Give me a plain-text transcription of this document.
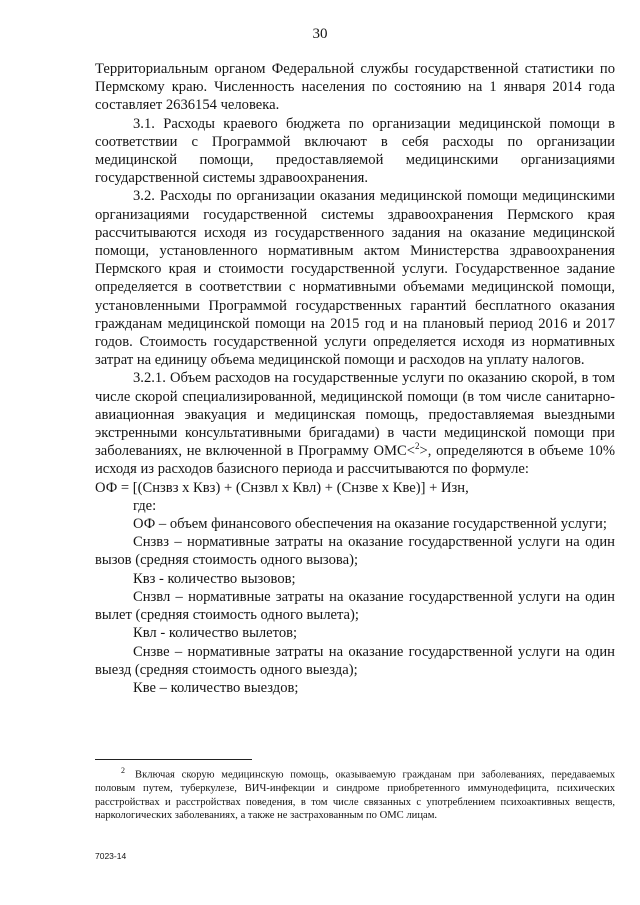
30

Территориальным органом Федеральной службы государственной статистики по Пермскому краю. Численность населения по состоянию на 1 января 2014 года составляет 2636154 человека.

3.1. Расходы краевого бюджета по организации медицинской помощи в соответствии с Программой включают в себя расходы по организации медицинской помощи, предоставляемой медицинскими организациями государственной системы здравоохранения.

3.2. Расходы по организации оказания медицинской помощи медицинскими организациями государственной системы здравоохранения Пермского края рассчитываются исходя из государственного задания на оказание медицинской помощи, установленного нормативным актом Министерства здравоохранения Пермского края и стоимости государственной услуги. Государственное задание определяется в соответствии с нормативными объемами медицинской помощи, установленными Программой государственных гарантий бесплатного оказания гражданам медицинской помощи на 2015 год и на плановый период 2016 и 2017 годов. Стоимость государственной услуги определяется исходя из нормативных затрат на единицу объема медицинской помощи и расходов на уплату налогов.

3.2.1. Объем расходов на государственные услуги по оказанию скорой, в том числе скорой специализированной, медицинской помощи (в том числе санитарно-авиационная эвакуация и медицинская помощь, предоставляемая выездными экстренными консультативными бригадами) в части медицинской помощи при заболеваниях, не включенной в Программу ОМС<$^2$>, определяются в объеме 10% исходя из расходов базисного периода и рассчитываются по формуле:

ОФ = [(Снзвз x Квз) + (Снзвл x Квл) + (Снзве x Кве)] + Изн,

где:

ОФ – объем финансового обеспечения на оказание государственной услуги;

Снзвз – нормативные затраты на оказание государственной услуги на один вызов (средняя стоимость одного вызова);

Квз - количество вызовов;

Снзвл – нормативные затраты на оказание государственной услуги на один вылет (средняя стоимость одного вылета);

Квл - количество вылетов;

Снзве – нормативные затраты на оказание государственной услуги на один выезд (средняя стоимость одного выезда);

Кве – количество выездов;

$^2$ Включая скорую медицинскую помощь, оказываемую гражданам при заболеваниях, передаваемых половым путем, туберкулезе, ВИЧ-инфекции и синдроме приобретенного иммунодефицита, психических расстройствах и расстройствах поведения, в том числе связанных с употреблением психоактивных веществ, наркологических заболеваниях, а также не застрахованным по ОМС лицам.
7023-14
